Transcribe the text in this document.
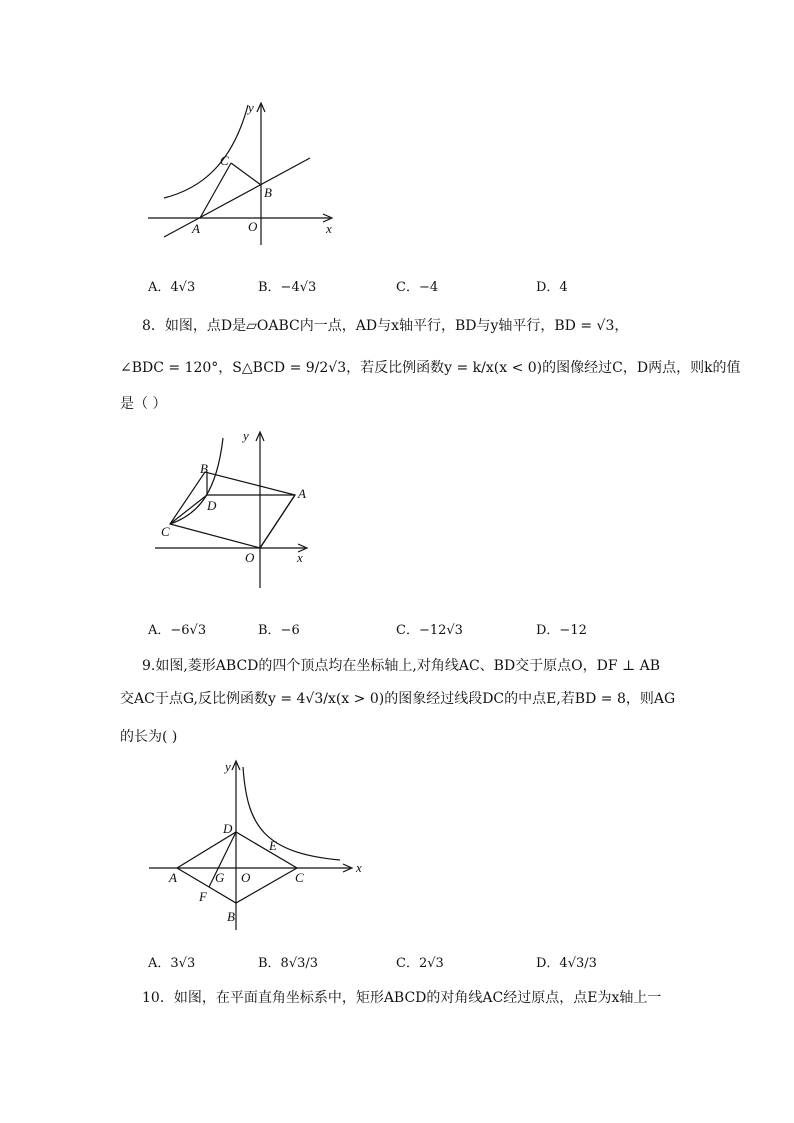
y
x
C
B
A	O
A．4√3	B．−4√3	C．−4	D．4
8．如图，点D是▱OABC内一点，AD与x轴平行，BD与y轴平行，BD = √3，
∠BDC = 120°，S△BCD = 9/2√3，若反比例函数y = k/x(x < 0)的图像经过C，D两点，则k的值
是（ ）
y
x
B
D
A
C
O
A．−6√3	B．−6	C．−12√3	D．−12
9.如图,菱形ABCD的四个顶点均在坐标轴上,对角线AC、BD交于原点O，DF ⊥ AB
交AC于点G,反比例函数y = 4√3/x(x > 0)的图象经过线段DC的中点E,若BD = 8，则AG
的长为( )
y
x
D
E
A	G O	C
F
B
A．3√3	B．8√3/3	C．2√3	D．4√3/3
10．如图，在平面直角坐标系中，矩形ABCD的对角线AC经过原点，点E为x轴上一
